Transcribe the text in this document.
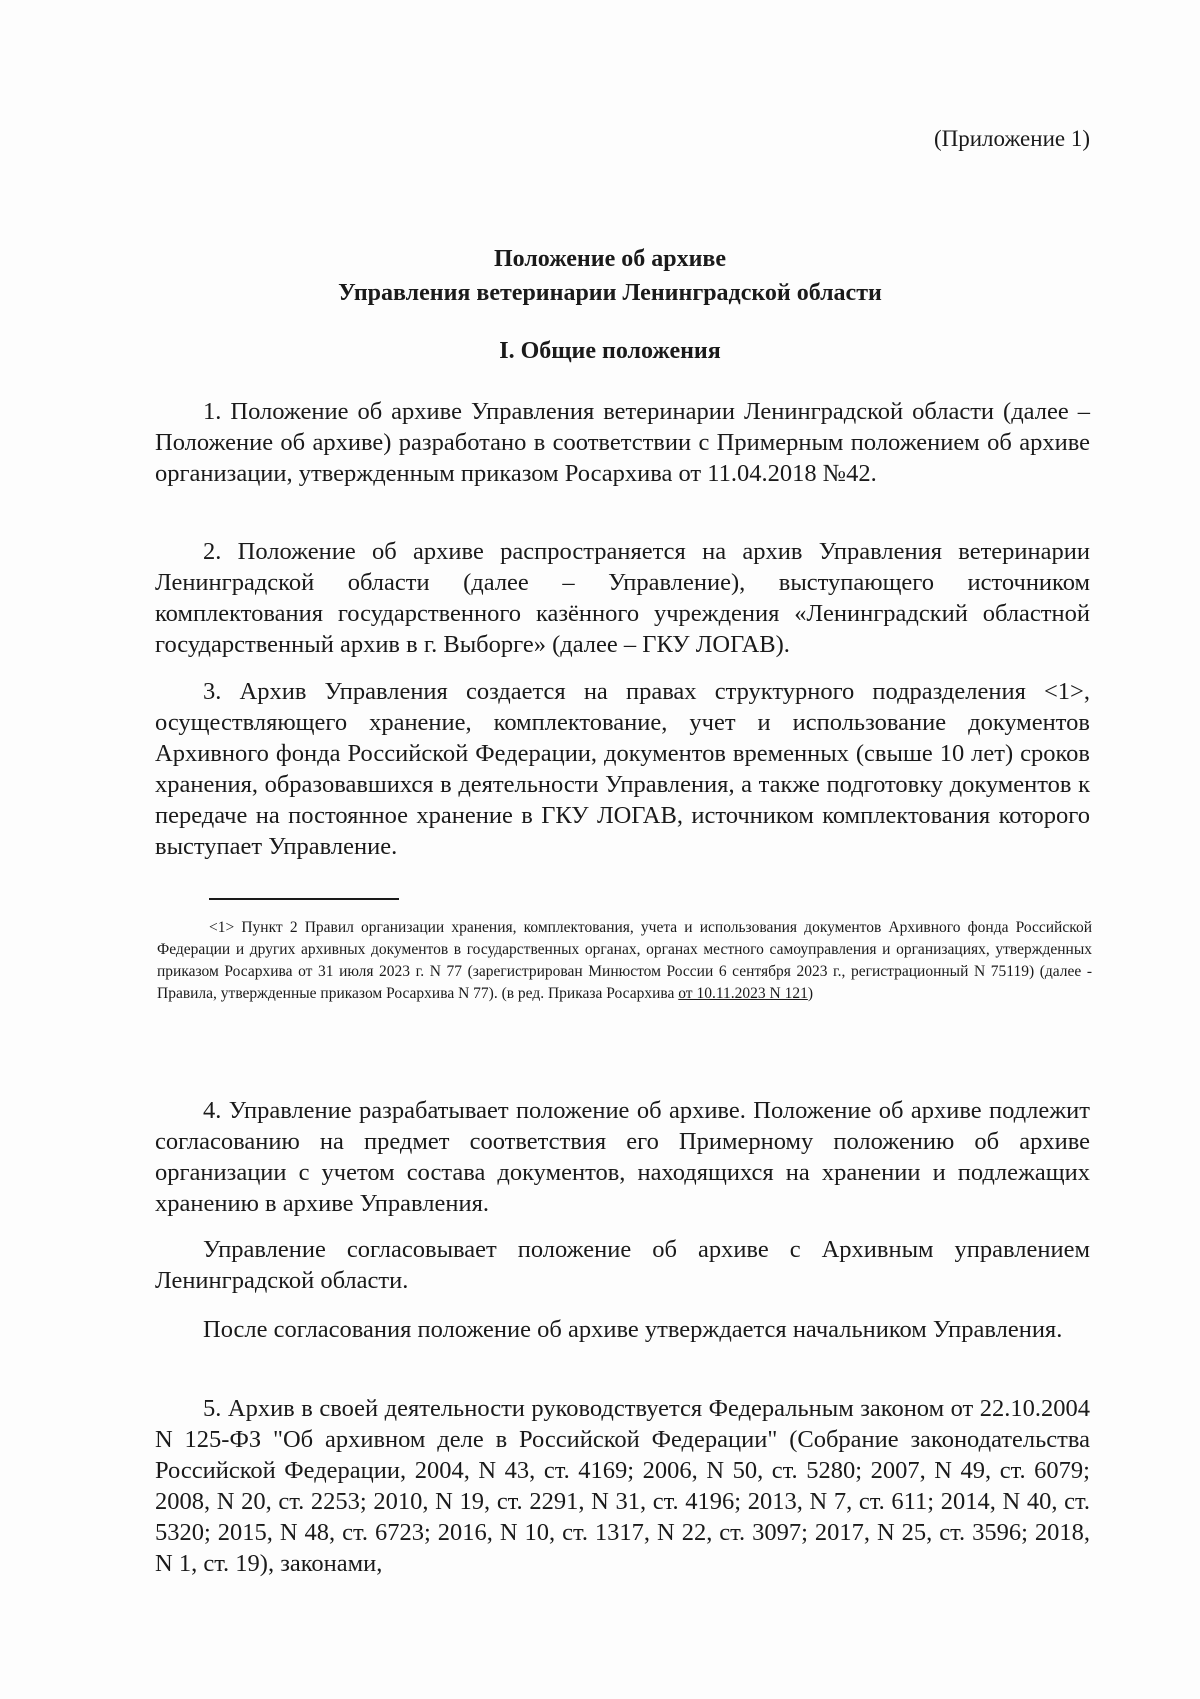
(Приложение 1)
Положение об архиве
Управления ветеринарии Ленинградской области
I. Общие положения

1. Положение об архиве Управления ветеринарии Ленинградской области (далее – Положение об архиве) разработано в соответствии с Примерным положением об архиве организации, утвержденным приказом Росархива от 11.04.2018 №42.

2. Положение об архиве распространяется на архив Управления ветеринарии Ленинградской области (далее – Управление), выступающего источником комплектования государственного казённого учреждения «Ленинградский областной государственный архив в г. Выборге» (далее – ГКУ ЛОГАВ).

3. Архив Управления создается на правах структурного подразделения <1>, осуществляющего хранение, комплектование, учет и использование документов Архивного фонда Российской Федерации, документов временных (свыше 10 лет) сроков хранения, образовавшихся в деятельности Управления, а также подготовку документов к передаче на постоянное хранение в ГКУ ЛОГАВ, источником комплектования которого выступает Управление.

<1> Пункт 2 Правил организации хранения, комплектования, учета и использования документов Архивного фонда Российской Федерации и других архивных документов в государственных органах, органах местного самоуправления и организациях, утвержденных приказом Росархива от 31 июля 2023 г. N 77 (зарегистрирован Минюстом России 6 сентября 2023 г., регистрационный N 75119) (далее - Правила, утвержденные приказом Росархива N 77). (в ред. Приказа Росархива от 10.11.2023 N 121)

4. Управление разрабатывает положение об архиве. Положение об архиве подлежит согласованию на предмет соответствия его Примерному положению об архиве организации с учетом состава документов, находящихся на хранении и подлежащих хранению в архиве Управления.

Управление согласовывает положение об архиве с Архивным управлением Ленинградской области.

После согласования положение об архиве утверждается начальником Управления.

5. Архив в своей деятельности руководствуется Федеральным законом от 22.10.2004 N 125-ФЗ "Об архивном деле в Российской Федерации" (Собрание законодательства Российской Федерации, 2004, N 43, ст. 4169; 2006, N 50, ст. 5280; 2007, N 49, ст. 6079; 2008, N 20, ст. 2253; 2010, N 19, ст. 2291, N 31, ст. 4196; 2013, N 7, ст. 611; 2014, N 40, ст. 5320; 2015, N 48, ст. 6723; 2016, N 10, ст. 1317, N 22, ст. 3097; 2017, N 25, ст. 3596; 2018, N 1, ст. 19), законами,
